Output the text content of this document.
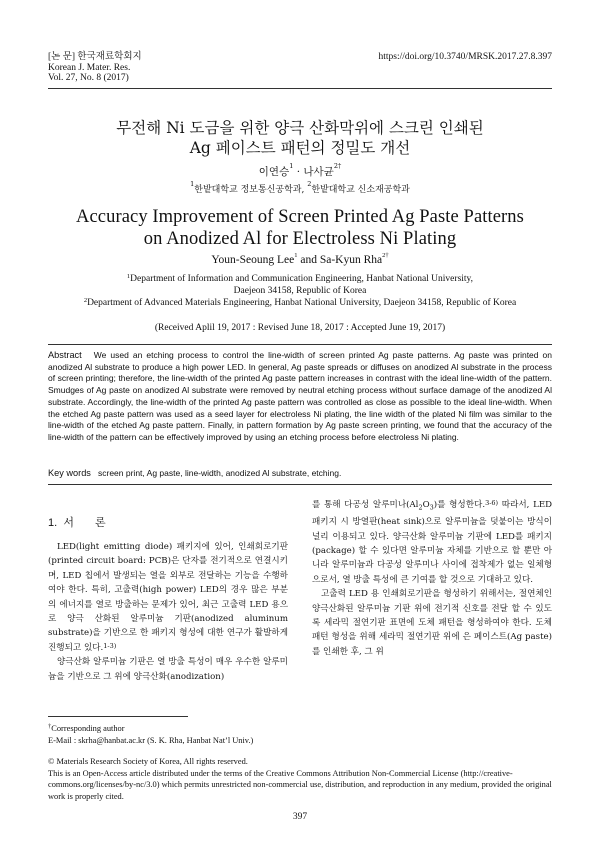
[논 문] 한국재료학회지
Korean J. Mater. Res.
Vol. 27, No. 8 (2017)
https://doi.org/10.3740/MRSK.2017.27.8.397
무전해 Ni 도금을 위한 양극 산화막위에 스크린 인쇄된
Ag 페이스트 패턴의 정밀도 개선
이연승$^1$ · 나사균$^{2\dagger}$
$^1$한밭대학교 정보통신공학과, $^2$한밭대학교 신소재공학과
Accuracy Improvement of Screen Printed Ag Paste Patterns
on Anodized Al for Electroless Ni Plating
Youn-Seoung Lee$^1$ and Sa-Kyun Rha$^{2\dagger}$
$^1$Department of Information and Communication Engineering, Hanbat National University,
Daejeon 34158, Republic of Korea
$^2$Department of Advanced Materials Engineering, Hanbat National University, Daejeon 34158, Republic of Korea
(Received Aplil 19, 2017 : Revised June 18, 2017 : Accepted June 19, 2017)
Abstract We used an etching process to control the line-width of screen printed Ag paste patterns. Ag paste was printed on anodized Al substrate to produce a high power LED. In general, Ag paste spreads or diffuses on anodized Al substrate in the process of screen printing; therefore, the line-width of the printed Ag paste pattern increases in contrast with the ideal line-width of the pattern. Smudges of Ag paste on anodized Al substrate were removed by neutral etching process without surface damage of the anodized Al substrate. Accordingly, the line-width of the printed Ag paste pattern was controlled as close as possible to the ideal line-width. When the etched Ag paste pattern was used as a seed layer for electroless Ni plating, the line width of the plated Ni film was similar to the line-width of the etched Ag paste pattern. Finally, in pattern formation by Ag paste screen printing, we found that the accuracy of the line-width of the pattern can be effectively improved by using an etching process before electroless Ni plating.
Key words screen print, Ag paste, line-width, anodized Al substrate, etching.
1. 서 론

LED(light emitting diode) 패키지에 있어, 인쇄회로기판(printed circuit board: PCB)은 단자를 전기적으로 연결시키며, LED 칩에서 발생되는 열을 외부로 전달하는 기능을 수행하여야 한다. 특히, 고출력(high power) LED의 경우 많은 부분의 에너지를 열로 방출하는 문제가 있어, 최근 고출력 LED 용으로 양극 산화된 알루미늄 기판(anodized aluminum substrate)을 기반으로 한 패키지 형성에 대한 연구가 활발하게 진행되고 있다.$^{1-3)}$

양극산화 알루미늄 기판은 열 방출 특성이 매우 우수한 알루미늄을 기반으로 그 위에 양극산화(anodization)

를 통해 다공성 알루미나$(Al_2O_3)$를 형성한다.$^{3-6)}$ 따라서, LED 패키지 시 방열판(heat sink)으로 알루미늄을 덧붙이는 방식이 널리 이용되고 있다. 양극산화 알루미늄 기판에 LED를 패키지(package) 할 수 있다면 알루미늄 자체를 기반으로 할 뿐만 아니라 알루미늄과 다공성 알루미나 사이에 접착제가 없는 일체형으로서, 열 방출 특성에 큰 기여를 할 것으로 기대하고 있다.

고출력 LED 용 인쇄회로기판을 형성하기 위해서는, 절연체인 양극산화된 알루미늄 기판 위에 전기적 신호를 전달 할 수 있도록 세라믹 절연기판 표면에 도체 패턴을 형성하여야 한다. 도체 패턴 형성을 위해 세라믹 절연기판 위에 은 페이스트(Ag paste)를 인쇄한 후, 그 위

†Corresponding author

E-Mail : skrha@hanbat.ac.kr (S. K. Rha, Hanbat Nat’l Univ.)

© Materials Research Society of Korea, All rights reserved.

This is an Open-Access article distributed under the terms of the Creative Commons Attribution Non-Commercial License (http://creative-commons.org/licenses/by-nc/3.0) which permits unrestricted non-commercial use, distribution, and reproduction in any medium, provided the original work is properly cited.

397
